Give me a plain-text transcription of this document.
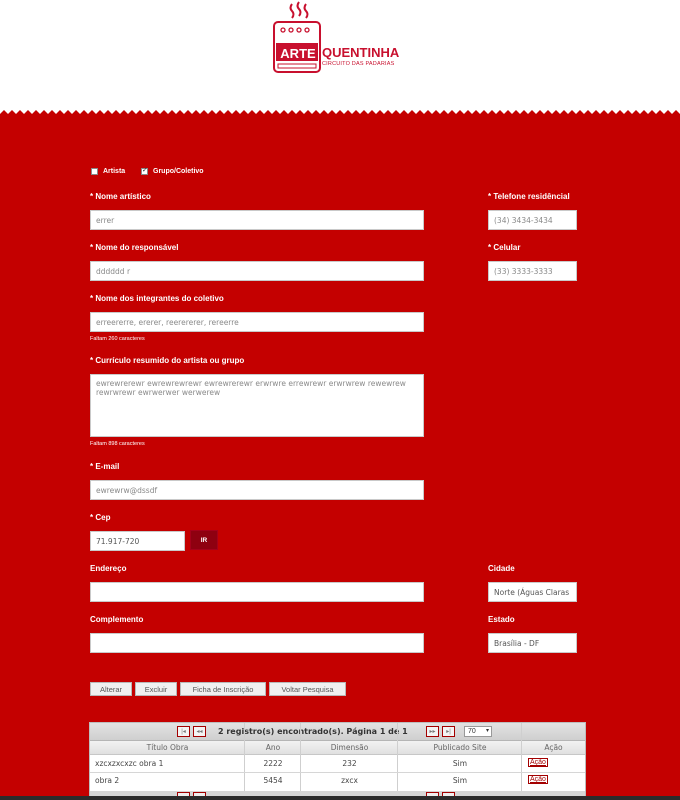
ARTE QUENTINHA
CIRCUITO DAS PADARIAS
Artista
✓	Grupo/Coletivo
* Nome artístico
errer
* Telefone residêncial
(34) 3434-3434
* Nome do responsável
dddddd r
* Celular
(33) 3333-3333
* Nome dos integrantes do coletivo
erreererre, ererer, reerererer, rereerre
Faltam 260 caracteres
* Currículo resumido do artista ou grupo
ewrewrerewr ewrewrewrewr ewrewrerewr erwrwre errewrewr erwrwrew rewewrew rewrwrewr ewrwerwer werwerew
Faltam 898 caracteres
* E-mail
ewrewrw@dssdf
* Cep
71.917-720	IR
Endereço	Cidade
Norte (Águas Claras
Complemento	Estado
Brasília - DF
Alterar	Excluir	Ficha de Inscrição	Voltar Pesquisa
|◂	◂◂	2 registro(s) encontrado(s). Página 1 de 1	▸▸	▸|	70 ▾
Título Obra	Ano	Dimensão	Publicado Site	Ação
xzcxzxcxzc obra 1	2222	232	Sim	Ação
obra 2	5454	zxcx	Sim	Ação
